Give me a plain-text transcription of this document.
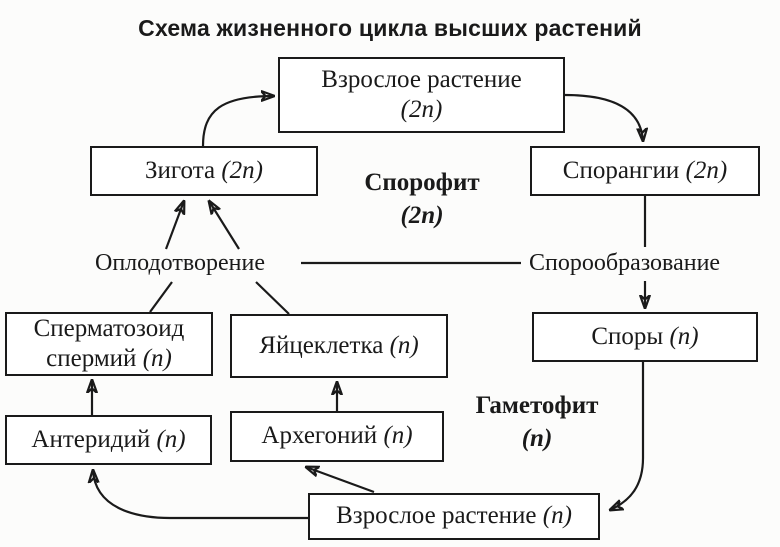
Схема жизненного цикла высших растений
Взрослое растение
(2n)
Зигота (2n)	Спорангии (2n)
Сперматозоид
спермий (n)	Яйцеклетка (n)	Споры (n)
Антеридий (n)	Архегоний (n)
Взрослое растение (n)
Спорофит
(2n)
Оплодотворение	Спорообразование
Гаметофит
(n)
